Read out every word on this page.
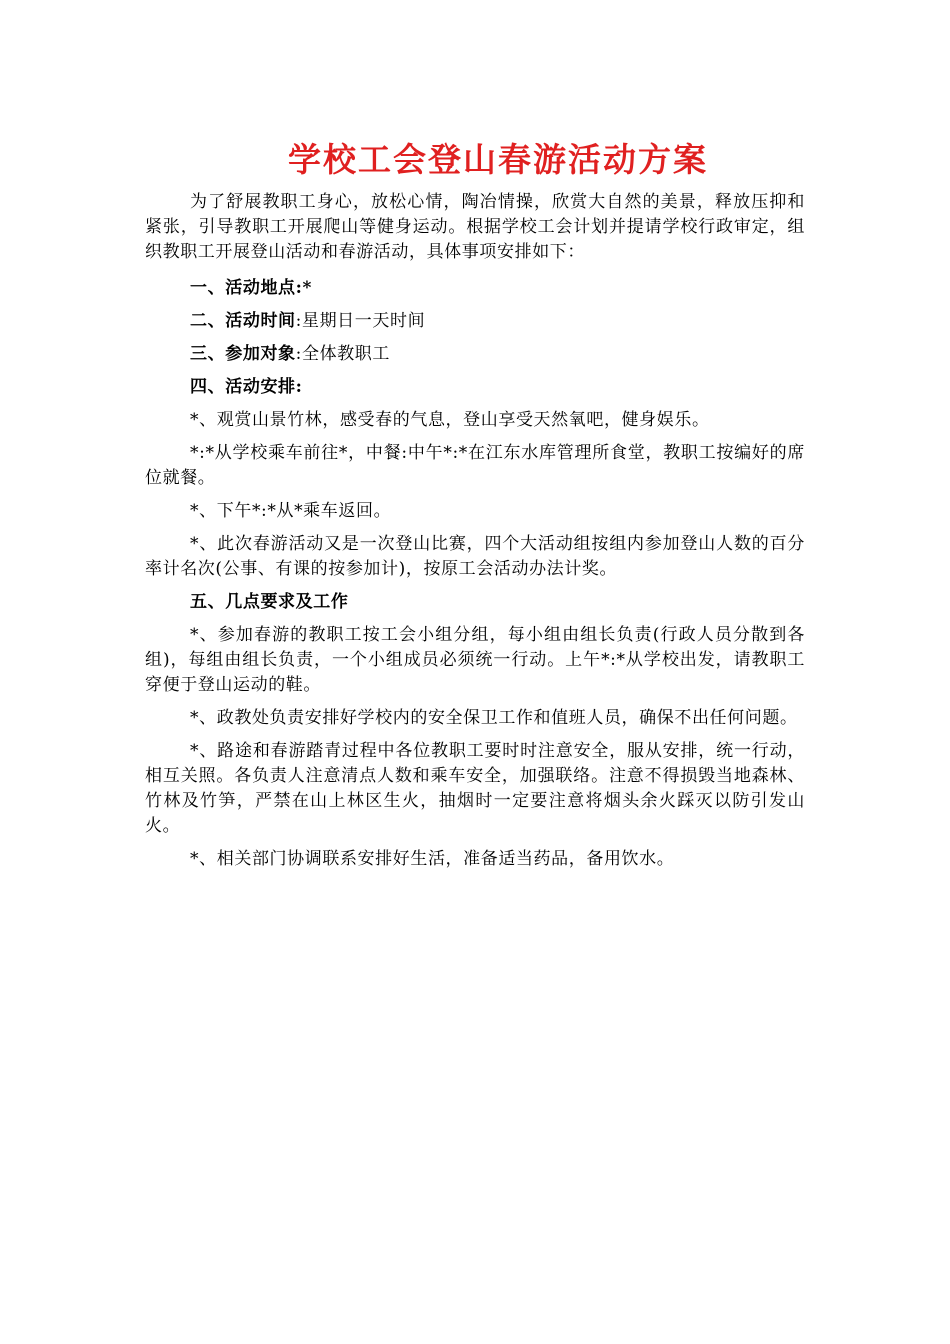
学校工会登山春游活动方案

为了舒展教职工身心，放松心情，陶冶情操，欣赏大自然的美景，释放压抑和紧张，引导教职工开展爬山等健身运动。根据学校工会计划并提请学校行政审定，组织教职工开展登山活动和春游活动，具体事项安排如下：

一、活动地点:*

二、活动时间:星期日一天时间

三、参加对象:全体教职工

四、活动安排:

*、观赏山景竹林，感受春的气息，登山享受天然氧吧，健身娱乐。

*:*从学校乘车前往*，中餐:中午*:*在江东水库管理所食堂，教职工按编好的席位就餐。

*、下午*:*从*乘车返回。

*、此次春游活动又是一次登山比赛，四个大活动组按组内参加登山人数的百分率计名次(公事、有课的按参加计)，按原工会活动办法计奖。

五、几点要求及工作

*、参加春游的教职工按工会小组分组，每小组由组长负责(行政人员分散到各组)，每组由组长负责，一个小组成员必须统一行动。上午*:*从学校出发，请教职工穿便于登山运动的鞋。

*、政教处负责安排好学校内的安全保卫工作和值班人员，确保不出任何问题。

*、路途和春游踏青过程中各位教职工要时时注意安全，服从安排，统一行动，相互关照。各负责人注意清点人数和乘车安全，加强联络。注意不得损毁当地森林、竹林及竹笋，严禁在山上林区生火，抽烟时一定要注意将烟头余火踩灭以防引发山火。

*、相关部门协调联系安排好生活，准备适当药品，备用饮水。
